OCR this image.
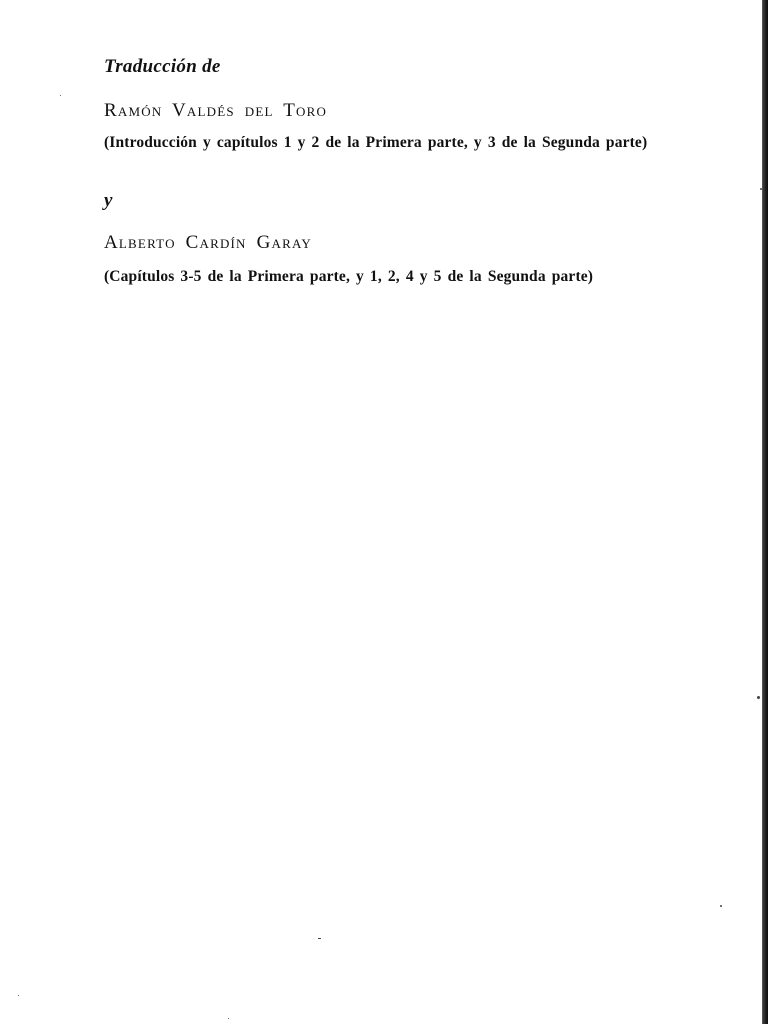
Traducción de
Ramón Valdés del Toro
(Introducción y capítulos 1 y 2 de la Primera parte, y 3 de la Segunda parte)
y
Alberto Cardín Garay
(Capítulos 3-5 de la Primera parte, y 1, 2, 4 y 5 de la Segunda parte)
